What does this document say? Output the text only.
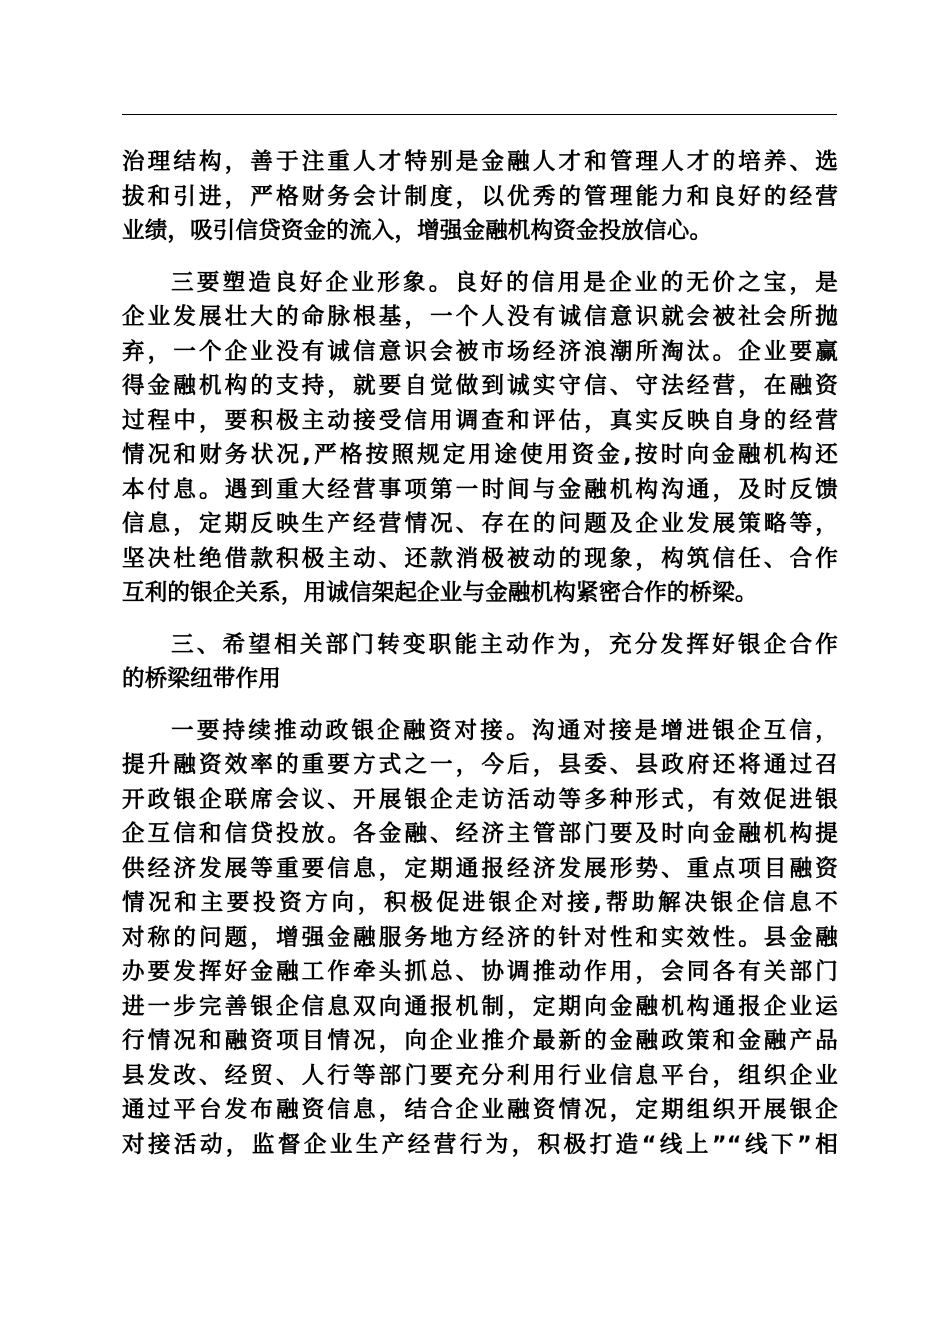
治理结构，善于注重人才特别是金融人才和管理人才的培养、选
拔和引进，严格财务会计制度，以优秀的管理能力和良好的经营
业绩，吸引信贷资金的流入，增强金融机构资金投放信心。

三要塑造良好企业形象。良好的信用是企业的无价之宝，是
企业发展壮大的命脉根基，一个人没有诚信意识就会被社会所抛
弃，一个企业没有诚信意识会被市场经济浪潮所淘汰。企业要赢
得金融机构的支持，就要自觉做到诚实守信、守法经营，在融资
过程中，要积极主动接受信用调查和评估，真实反映自身的经营
情况和财务状况,严格按照规定用途使用资金,按时向金融机构还
本付息。遇到重大经营事项第一时间与金融机构沟通，及时反馈
信息，定期反映生产经营情况、存在的问题及企业发展策略等，
坚决杜绝借款积极主动、还款消极被动的现象，构筑信任、合作
互利的银企关系，用诚信架起企业与金融机构紧密合作的桥梁。

三、希望相关部门转变职能主动作为，充分发挥好银企合作
的桥梁纽带作用

一要持续推动政银企融资对接。沟通对接是增进银企互信，
提升融资效率的重要方式之一，今后，县委、县政府还将通过召
开政银企联席会议、开展银企走访活动等多种形式，有效促进银
企互信和信贷投放。各金融、经济主管部门要及时向金融机构提
供经济发展等重要信息，定期通报经济发展形势、重点项目融资
情况和主要投资方向，积极促进银企对接,帮助解决银企信息不
对称的问题，增强金融服务地方经济的针对性和实效性。县金融
办要发挥好金融工作牵头抓总、协调推动作用，会同各有关部门
进一步完善银企信息双向通报机制，定期向金融机构通报企业运
行情况和融资项目情况，向企业推介最新的金融政策和金融产品
县发改、经贸、人行等部门要充分利用行业信息平台，组织企业
通过平台发布融资信息，结合企业融资情况，定期组织开展银企
对接活动，监督企业生产经营行为，积极打造“线上”“线下”相
